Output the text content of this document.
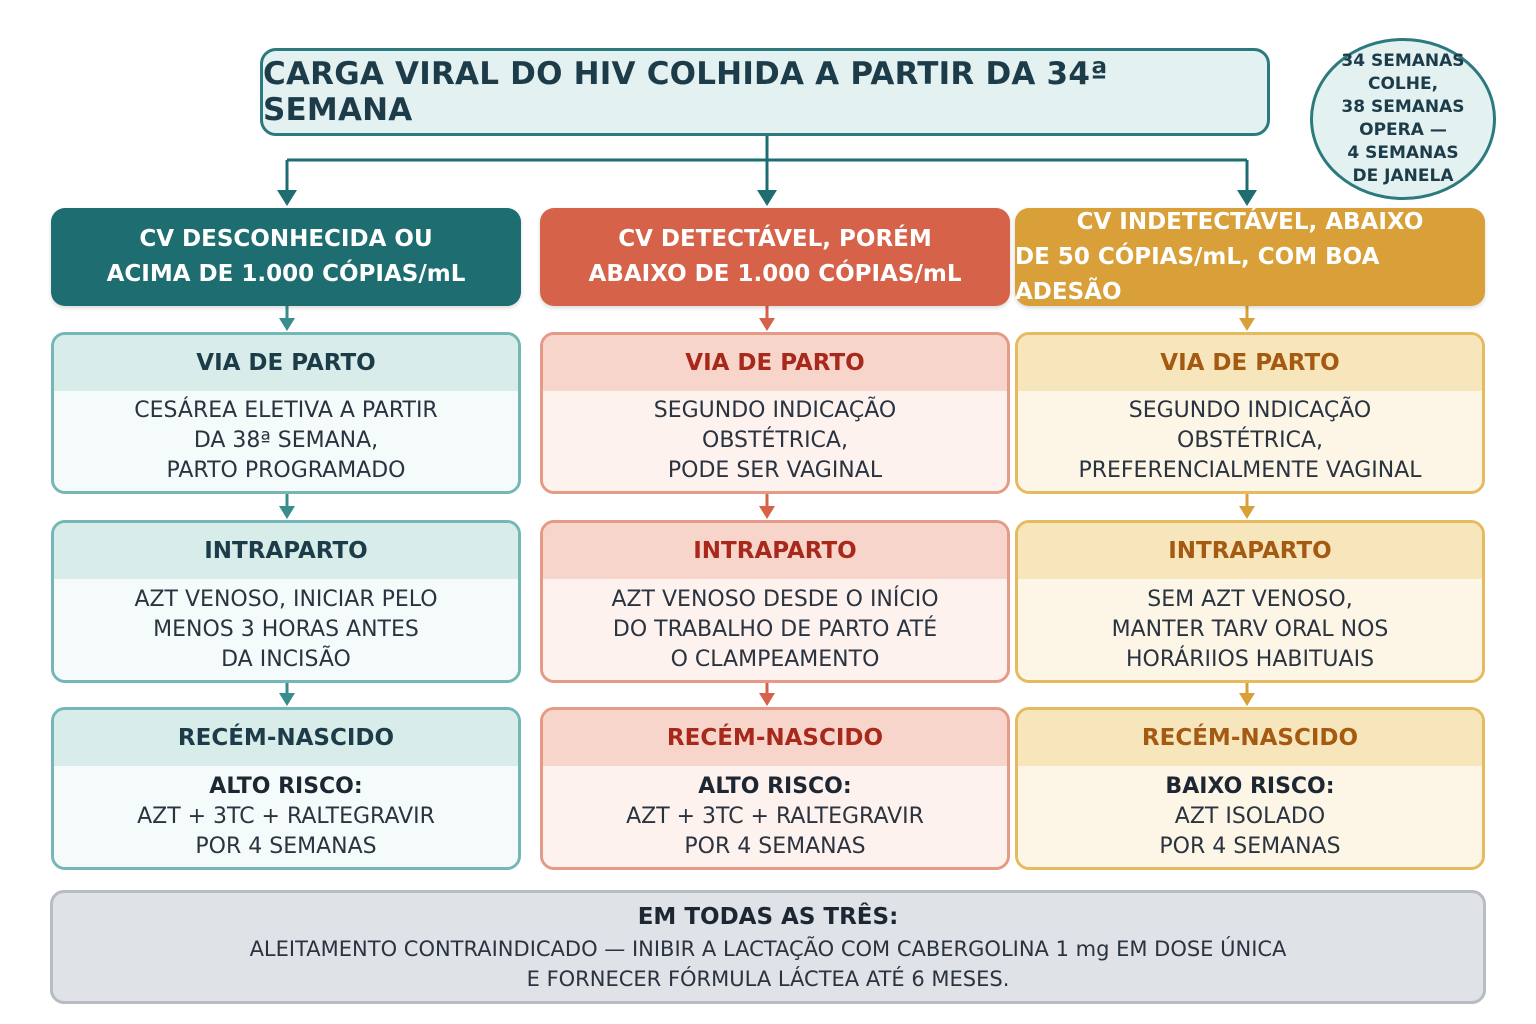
CARGA VIRAL DO HIV COLHIDA A PARTIR DA 34ª SEMANA
34 SEMANAS
COLHE,
38 SEMANAS
OPERA —
4 SEMANAS
DE JANELA
CV DESCONHECIDA OU
ACIMA DE 1.000 CÓPIAS/mL
CV DETECTÁVEL, PORÉM
ABAIXO DE 1.000 CÓPIAS/mL
CV INDETECTÁVEL, ABAIXO
DE 50 CÓPIAS/mL, COM BOA ADESÃO
VIA DE PARTO
CESÁREA ELETIVA A PARTIR
DA 38ª SEMANA,
PARTO PROGRAMADO
INTRAPARTO
AZT VENOSO, INICIAR PELO
MENOS 3 HORAS ANTES
DA INCISÃO
RECÉM-NASCIDO
ALTO RISCO:
AZT + 3TC + RALTEGRAVIR
POR 4 SEMANAS
VIA DE PARTO
SEGUNDO INDICAÇÃO
OBSTÉTRICA,
PODE SER VAGINAL
INTRAPARTO
AZT VENOSO DESDE O INÍCIO
DO TRABALHO DE PARTO ATÉ
O CLAMPEAMENTO
RECÉM-NASCIDO
ALTO RISCO:
AZT + 3TC + RALTEGRAVIR
POR 4 SEMANAS
VIA DE PARTO
SEGUNDO INDICAÇÃO
OBSTÉTRICA,
PREFERENCIALMENTE VAGINAL
INTRAPARTO
SEM AZT VENOSO,
MANTER TARV ORAL NOS
HORÁRIIOS HABITUAIS
RECÉM-NASCIDO
BAIXO RISCO:
AZT ISOLADO
POR 4 SEMANAS
EM TODAS AS TRÊS:
ALEITAMENTO CONTRAINDICADO — INIBIR A LACTAÇÃO COM CABERGOLINA 1 mg EM DOSE ÚNICA
E FORNECER FÓRMULA LÁCTEA ATÉ 6 MESES.
